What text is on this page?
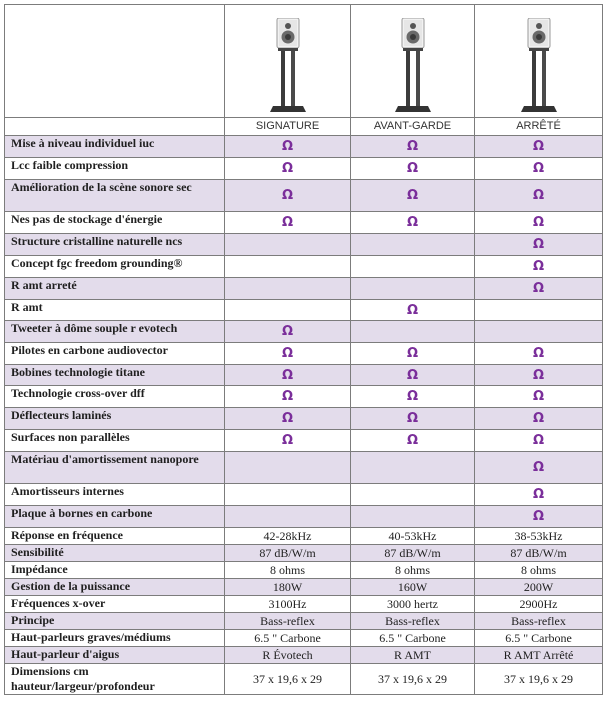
	SIGNATURE	AVANT-GARDE	ARRÊTÉ
Mise à niveau individuel iuc	Ω	Ω	Ω
Lcc faible compression	Ω	Ω	Ω
Amélioration de la scène sonore sec	Ω	Ω	Ω
Nes pas de stockage d'énergie	Ω	Ω	Ω
Structure cristalline naturelle ncs			Ω
Concept fgc freedom grounding®			Ω
R amt arreté			Ω
R amt		Ω	
Tweeter à dôme souple r evotech	Ω		
Pilotes en carbone audiovector	Ω	Ω	Ω
Bobines technologie titane	Ω	Ω	Ω
Technologie cross-over dff	Ω	Ω	Ω
Déflecteurs laminés	Ω	Ω	Ω
Surfaces non parallèles	Ω	Ω	Ω
Matériau d'amortissement nanopore			Ω
Amortisseurs internes			Ω
Plaque à bornes en carbone			Ω
Réponse en fréquence	42-28kHz	40-53kHz	38-53kHz
Sensibilité	87 dB/W/m	87 dB/W/m	87 dB/W/m
Impédance	8 ohms	8 ohms	8 ohms
Gestion de la puissance	180W	160W	200W
Fréquences x-over	3100Hz	3000 hertz	2900Hz
Principe	Bass-reflex	Bass-reflex	Bass-reflex
Haut-parleurs graves/médiums	6.5 " Carbone	6.5 " Carbone	6.5 " Carbone
Haut-parleur d'aigus	R Évotech	R AMT	R AMT Arrêté
Dimensions cm hauteur/largeur/profondeur	37 x 19,6 x 29	37 x 19,6 x 29	37 x 19,6 x 29
